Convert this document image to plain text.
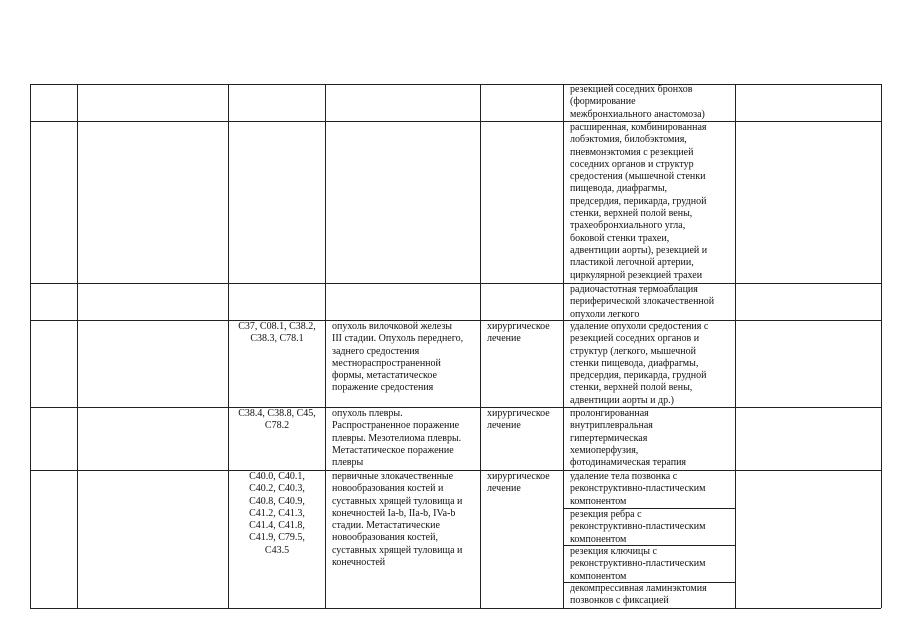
резекцией соседних бронхов
(формирование
межбронхиального анастомоза)
расширенная, комбинированная
лобэктомия, билобэктомия,
пневмонэктомия с резекцией
соседних органов и структур
средостения (мышечной стенки
пищевода, диафрагмы,
предсердия, перикарда, грудной
стенки, верхней полой вены,
трахеобронхиального угла,
боковой стенки трахеи,
адвентиции аорты), резекцией и
пластикой легочной артерии,
циркулярной резекцией трахеи
радиочастотная термоаблация
периферической злокачественной
опухоли легкого
C37, C08.1, C38.2,
C38.3, C78.1
опухоль вилочковой железы
III стадии. Опухоль переднего,
заднего средостения
местнораспространенной
формы, метастатическое
поражение средостения
хирургическое
лечение
удаление опухоли средостения с
резекцией соседних органов и
структур (легкого, мышечной
стенки пищевода, диафрагмы,
предсердия, перикарда, грудной
стенки, верхней полой вены,
адвентиции аорты и др.)
C38.4, C38.8, C45,
C78.2
опухоль плевры.
Распространенное поражение
плевры. Мезотелиома плевры.
Метастатическое поражение
плевры
хирургическое
лечение
пролонгированная
внутриплевральная
гипертермическая
хемиоперфузия,
фотодинамическая терапия
C40.0, C40.1,
C40.2, C40.3,
C40.8, C40.9,
C41.2, C41.3,
C41.4, C41.8,
C41.9, C79.5,
C43.5
первичные злокачественные
новообразования костей и
суставных хрящей туловища и
конечностей Ia-b, IIa-b, IVa-b
стадии. Метастатические
новообразования костей,
суставных хрящей туловища и
конечностей
хирургическое
лечение
удаление тела позвонка с
реконструктивно-пластическим
компонентом
резекция ребра с
реконструктивно-пластическим
компонентом
резекция ключицы с
реконструктивно-пластическим
компонентом
декомпрессивная ламинэктомия
позвонков с фиксацией
